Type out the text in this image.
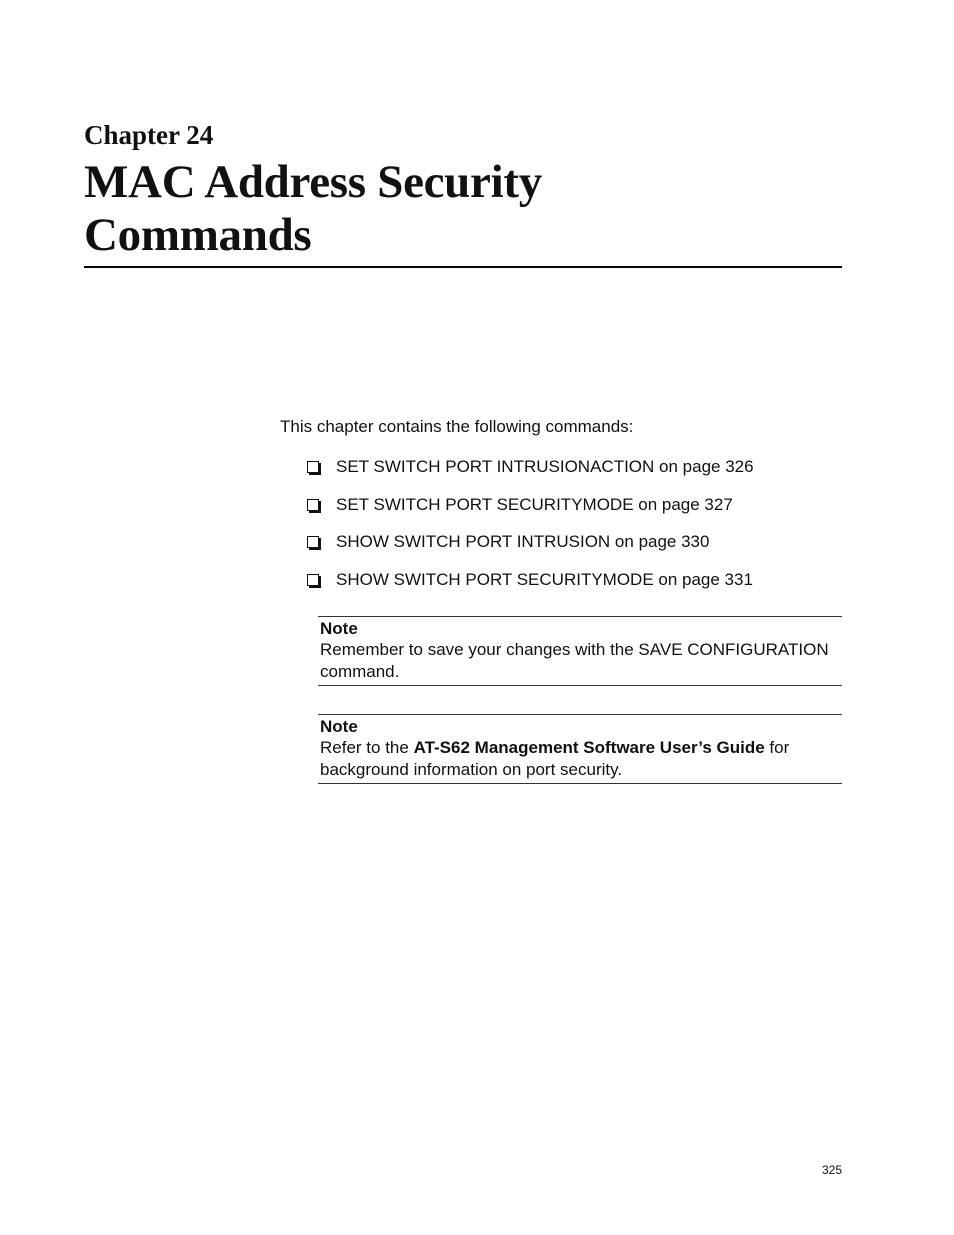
Chapter 24
MAC Address Security
Commands

This chapter contains the following commands:

SET SWITCH PORT INTRUSIONACTION on page 326
SET SWITCH PORT SECURITYMODE on page 327
SHOW SWITCH PORT INTRUSION on page 330
SHOW SWITCH PORT SECURITYMODE on page 331

Note

Remember to save your changes with the SAVE CONFIGURATION command.

Note

Refer to the AT-S62 Management Software User’s Guide for background information on port security.

325
